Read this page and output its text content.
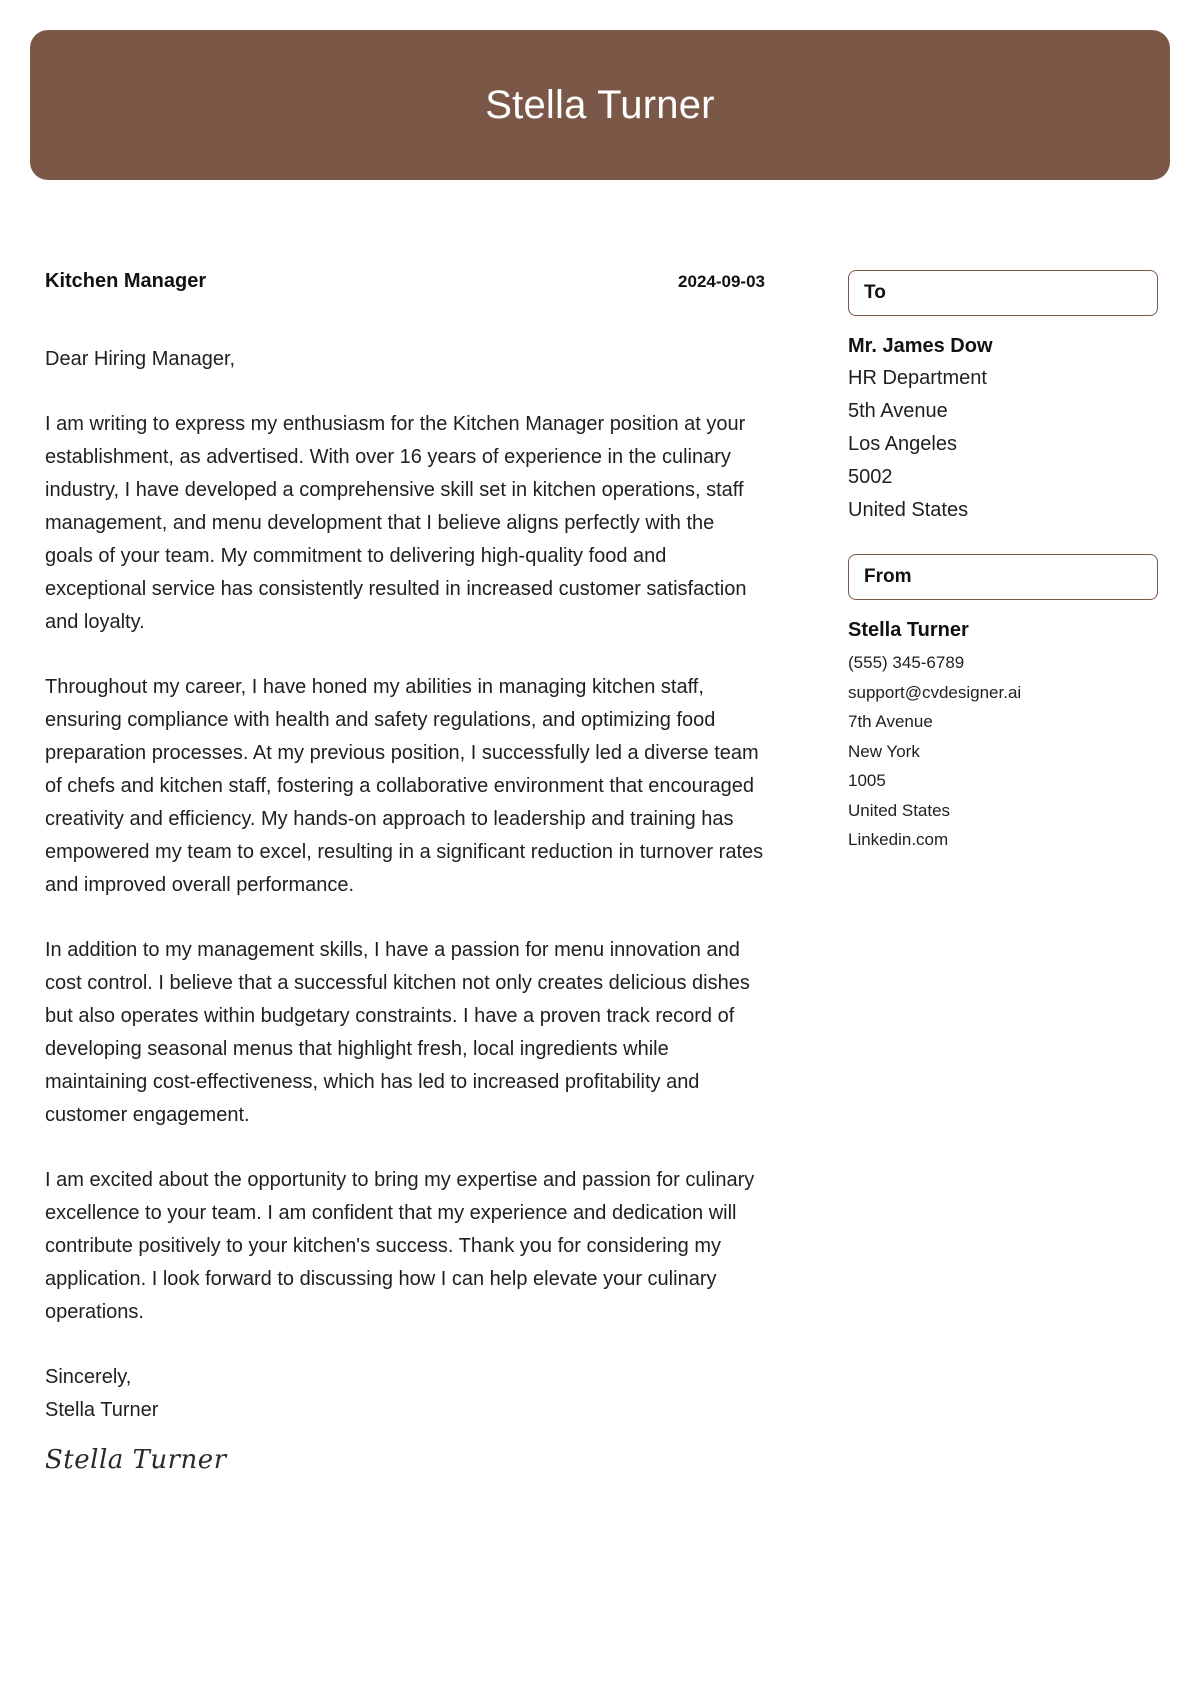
Stella Turner
Kitchen Manager	2024-09-03
Dear Hiring Manager,
I am writing to express my enthusiasm for the Kitchen Manager position at your establishment, as advertised. With over 16 years of experience in the culinary industry, I have developed a comprehensive skill set in kitchen operations, staff management, and menu development that I believe aligns perfectly with the goals of your team. My commitment to delivering high-quality food and exceptional service has consistently resulted in increased customer satisfaction and loyalty.
Throughout my career, I have honed my abilities in managing kitchen staff, ensuring compliance with health and safety regulations, and optimizing food preparation processes. At my previous position, I successfully led a diverse team of chefs and kitchen staff, fostering a collaborative environment that encouraged creativity and efficiency. My hands-on approach to leadership and training has empowered my team to excel, resulting in a significant reduction in turnover rates and improved overall performance.
In addition to my management skills, I have a passion for menu innovation and cost control. I believe that a successful kitchen not only creates delicious dishes but also operates within budgetary constraints. I have a proven track record of developing seasonal menus that highlight fresh, local ingredients while maintaining cost-effectiveness, which has led to increased profitability and customer engagement.
I am excited about the opportunity to bring my expertise and passion for culinary excellence to your team. I am confident that my experience and dedication will contribute positively to your kitchen's success. Thank you for considering my application. I look forward to discussing how I can help elevate your culinary operations.
Sincerely,
Stella Turner
Stella Turner
To
Mr. James Dow
HR Department
5th Avenue
Los Angeles
5002
United States
From
Stella Turner
(555) 345-6789
support@cvdesigner.ai
7th Avenue
New York
1005
United States
Linkedin.com
